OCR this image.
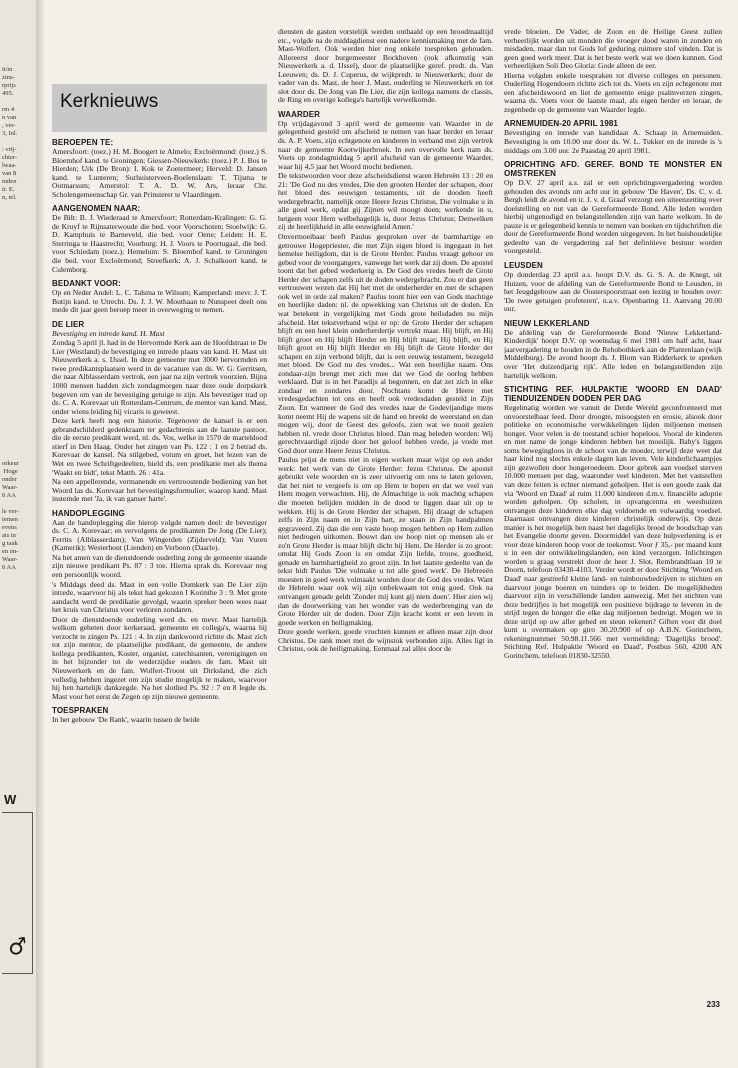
it/m
zins-
rprijs
495.
rm 4
n van
, ver-
3, Inl.
: vrij-
chter-
lwaa-
van 8
inden
ir. E.
n, tel.
orkeur
Hoge
onder
Waar-
0 AA
le ver-
iemen
evens
ats in
g taak
en on-
Waar-
0 AA
W
♂
Kerknieuws
BEROEPEN TE:

Amersfoort: (toez.) H. M. Boogert te Almelo; Excloërmond: (toez.) S. Bloemhof kand. te Groningen; Giessen-Nieuwkerk: (toez.) P. J. Bos te Hierden; Urk (De Bron): I. Kok te Zoetermeer; Herveld: D. Jansen kand. te Lunteren; Surhuisterveen-Boelenslaan: T. Tijsma te Ootmarsum; Amerstol: T. A. D. W. Ars, leraar Chr. Scholengemeenschap Gr. van Prinsterer te Vlaardingen.

AANGENOMEN NAAR:

De Bilt: B. J. Wiederaad te Amersfoort; Rotterdam-Kralingen: G. G. de Kruyf te Rijnsaterwoude die bed. voor Voorschoten; Stoelwijk: G. D. Kamphuis te Barneveld, die bed. voor Oene; Leiden: H. E. Sterringa te Haastrecht; Voorburg: H. J. Voors te Poortugaal, die bed. voor Schiedam (toez.); Hemelum: S. Bloemhof kand. te Groningen die bed. voor Excloërmond; Streefkerk: A. J. Schalkoort kand. te Culemborg.

BEDANKT VOOR:

Op en Neder Andel: L. C. Talsma te Wilsum; Kamperland: mevr. J. T. Butijn kand. te Utrecht. Ds. J. J. W. Mouthaan te Nunspeet deelt ons mede dit jaar geen beroep meer in overweging te nemen.

DE LIER

Bevestiging en intrede kand. H. Mast

Zondag 5 april jl. had in de Hervormde Kerk aan de Hoofdstraat te De Lier (Westland) de bevestiging en intrede plaats van kand. H. Mast uit Nieuwerkerk a. s. IJssel. In deze gemeente met 3000 hervormden en twee predikantsplaatsen werd in de vacature van ds. W. G. Gerritsen, die naar Alblasserdam vertrok, een jaar na zijn vertrek voorzien. Bijna 1000 mensen hadden zich zondagmorgen naar deze oude dorpskerk begeven om van de bevestiging getuige te zijn. Als bevestiger trad op ds. C. A. Korevaar uit Rotterdam-Centrum, de mentor van kand. Mast, onder wiens leiding hij vicaris is geweest.

Deze kerk heeft nog een historie. Tegenover de kansel is er een gebrandschilderd gedenkraam ter gedachtenis aan de laatste pastoor, die de eerste predikant werd, nl. ds. Vos, welke in 1570 de marteldood stierf in Den Haag. Onder het zingen van Ps. 122 : 1 en 2 betrad ds. Korevaar de kansel. Na stilgebed, votum en groet, het lezen van de Wet en twee Schriftgedeelten, hield ds. een predikatie met als thema 'Waakt en bidt', tekst Matth. 26 : 41a.

Na een appellerende, vermanende en vertroostende bediening van het Woord las ds. Korevaar het bevestigingsformulier, waarop kand. Mast instemde met 'Ja, ik van ganser harte'.

HANDOPLEGGING

Aan de handoplegging die hierop volgde namen deel: de bevestiger ds. C. A. Korevaar; en vervolgens de predikanten De Jong (De Lier); Ferrits (Alblasserdam); Van Wingerden (Zijderveld); Van Vuren (Kamerik); Westerhout (Lienden) en Verboon (Daarle).

Na het amen van de dienstdoende ouderling zong de gemeente staande zijn nieuwe predikant Ps. 87 : 3 toe. Hierna sprak ds. Korevaar nog een persoonlijk woord.

's Middags deed ds. Mast in een volle Domkerk van De Lier zijn intrede, waarvoor hij als tekst had gekozen I Korinthe 3 : 9. Met grote aandacht werd de predikatie gevolgd, waarin spreker been wees naar het kruis van Christus voor verloren zondaren.

Door de dienstdoende ouderling werd ds. en mevr. Mast hartelijk welkom geheten door kerkeraad, gemeente en collega's, waarna hij verzocht te zingen Ps. 121 : 4. In zijn dankwoord richtte ds. Mast zich tot zijn mentor, de plaatselijke predikant, de gemeente, de andere kollega predikanten, Koster, organist, catechisanten, verenigingen en in het bijzonder tot de wederzijdse ouders de fam. Mast uit Nieuwerkerk en de fam. Wolfert-Troost uit Dirksland, die zich volledig hebben ingezet om zijn studie mogelijk te maken, waarvoor hij hen hartelijk dankzegde. Na het slotlied Ps. 92 : 7 en 8 legde ds. Mast voor het eerst de Zegen op zijn nieuwe gemeente.

TOESPRAKEN

In het gebouw 'De Rank', waarin tussen de beide

diensten de gasten vorstelijk werden onthaald op een broodmaaltijd etc., volgde na de middagdienst een nadere kennismaking met de fam. Mast-Wolfert. Ook werden hier nog enkele toespreken gehouden. Allereerst door burgemeester Bockhoven (ook afkomstig van Nieuwerkerk a. d. IJssel), door de plaatselijke geref. predt. ds. Van Leeuwen; ds. D. J. Cuperus, de wijkpredt. te Nieuwerkerk; door de vader van ds. Mast, de heer J. Mast, ouderling te Nieuwerkerk en tot slot door ds. De Jong van De Lier, die zijn kollega namens de classis, de Ring en overige kollega's hartelijk verwelkomde.

WAARDER

Op vrijdagavond 3 april werd de gemeente van Waarder in de gelegenheid gesteld om afscheid te nemen van haar herder en leraar ds. A. P. Voets, zijn echtgenote en kinderen in verband met zijn vertrek naar de gemeente Kootwijkerbroek. In een overvolle kerk nam ds. Voets op zondagmiddag 5 april afscheid van de gemeente Waarder, waar hij 4,5 jaar het Woord mocht bedienen.

De tekstwoorden voor deze afscheidsdienst waren Hebreën 13 : 20 en 21: 'De God nu des vredes, Die den grooten Herder der schapen, door het bloed des eeuwigen testaments, uit de dooden heeft wedergebracht, namelijk onze Heere Jezus Christus, Die volmake u in alle goed werk, opdat gij Zijnen wil moogt doen; werkende in u, hetgeen voor Hem welbehagelijk is, door Jezus Christus; Denwelken zij de heerlijkheid in alle eeuwigheid Amen.'

Onvermoeibaar heeft Paulus gesproken over de barmhartige en getrouwe Hogepriester, die met Zijn eigen bloed is ingegaan in het hemelse heiligdom, dat is de Grote Herder. Paulus vraagt gehoor en gebed voor de voorgangers, vanwege het werk dat zij doen. De apostel toont dat het gebed wederkerig is. De God des vredes heeft de Grote Herder der schapen zelfs uit de doden wedergebracht. Zou er dan geen vertrouwen wezen dat Hij het met de onderherder en met de schapen ook wel in orde zal maken? Paulus toont hier een van Gods machtige en heerlijke daden: nl. de opwekking van Christus uit de doden. En wat betekent in vergelijking met Gods grote heilsdaden nu mijn afscheid. Het tekstverband wijst er op: de Grote Herder der schapen blijft en een heel klein onderherdertje vertrekt maar. Hij blijft, en Hij blijft groot en Hij blijft Herder en Hij blijft maar; Hij blijft, en Hij blijft groot en Hij blijft Herder en Hij blijft de Grote Herder der schapen en zijn verbond blijft, dat is een eeuwig testament, bezegeld met bloed. De God nu des vredes... Wat een heerlijke naam. Ons zondaar-zijn brengt met zich mee dat we God de oorlog hebben verklaard. Dat is in het Paradijs al begonnen, en dat zet zich in elke zondaar en zondares door. Nochtans komt de Heere met vredesgedachten tot ons en heeft ook vredesdaden gesteld in Zijn Zoon. En wanneer de God des vredes naar de Godevijandige mens komt neemt Hij de wapens uit de hand en breekt de weerstand en dan mogen wij, door de Geest des geloofs, zien wat we nooit gezien hebben nl. vrede door Christus bloed. Dan mag beleden worden: Wij gerechtvaardigd zijnde door het geloof hebben vrede, ja vrede met God door onze Heere Jezus Christus.

Paulus prijst de mens niet in eigen werken maar wijst op een ander werk: het werk van de Grote Herder: Jezus Christus. De apostel gebruikt vele woorden en is zeer uitvoerig om ons te laten geloven, dat het niet te vergeefs is om op Hem te hopen en dat we veel van Hem mogen verwachten. Hij, de Almachtige is ook machtig schapen die moeten belijden midden in de dood te liggen daar uit op te wekken. Hij is de Grote Herder der schapen. Hij draagt de schapen zelfs in Zijn naam en in Zijn hart, ze staan in Zijn handpalmen gegraveerd. Zij dan die een vaste hoop mogen hebben op Hem zullen niet bedrogen uitkomen. Bouwt dan uw hoop niet op mensen als er zo'n Grote Herder is maar blijft dicht bij Hem. De Herder is zo groot: omdat Hij Gods Zoon is en omdat Zijn liefde, trouw, goedheid, genade en barmhartigheid zo groot zijn. In het laatste gedeelte van de tekst bidt Paulus 'Die volmake u tot alle goed werk'. De Hebreeën moesten in goed werk volmaakt worden door de God des vredes. Want de Hebreën waar ook wij zijn onbekwaam tot enig goed. Ook na ontvangen genade geldt 'Zonder mij kunt gij niets doen'. Hier zien wij dan de doorwerking van het wonder van de wederbrenging van de Grote Herder uit de doden. Door Zijn kracht komt er een leven in goede werken en heiligmaking.

Deze goede werken, goede vruchten kunnen er alleen maar zijn door Christus. De rank moet met de wijnstok verbonden zijn. Alles ligt in Christus, ook de heiligmaking. Eenmaal zal alles door de

vrede bloeien. De Vader, de Zoon en de Heilige Geest zullen verheerlijkt worden uit monden die vroeger dood waren in zonden en misdaden, maar dan tot Gods lof geduring ruimere stof vinden. Dat is geen goed werk meer. Dat is het beste werk wat we doen kunnen. God verheerlijken Soli Deo Gloria: Gode alleen de eer.

Hierna volgden enkele toespraken tot diverse colleges en personen. Ouderling Hogendoorn richtte zich tot ds. Voets en zijn echtgenote met een afscheidswoord en liet de gemeente enige psalmverzen zingen, waarna ds. Voets voor de laatste maal, als eigen herder en leraar, de zegenbede op de gemeente van Waarder legde.

ARNEMUIDEN-20 APRIL 1981

Bevestiging en intrede van kandidaat A. Schaap in Arnemuiden. Bevestiging is om 10.00 uur door ds. W. L. Tukker en de intrede is 's middags om 3.00 uur. 2e Paasdag 20 april 1981.

OPRICHTING AFD. GEREF. BOND TE MONSTER EN OMSTREKEN

Op D.V. 27 april a.s. zal er een oprichtingsvergadering worden gehouden des avonds om acht uur in gebouw 'De Haven', Ds. C. v. d. Bergh leidt de avond en ir. J. v. d. Graaf verzorgt een uiteenzetting over doelstelling en nut van de Gereformeerde Bond. Alle leden worden hierbij uitgenodigd en belangstellenden zijn van harte welkom. In de pauze is er gelegenheid kennis te nemen van boeken en tijdschriften die door de Gereformeerde Bond worden uitgegeven. In het huishoudelijke gedeelte van de vergadering zal het definitieve bestuur worden voorgesteld.

LEUSDEN

Op donderdag 23 april a.s. hoopt D.V. ds. G. S. A. de Knegt, uit Huizen, voor de afdeling van de Gereformeerde Bond te Leusden, in het Jeugdgebouw aan de Oosterspoorstraat een lezing te houden over: 'De twee getuigen profeteren', n.a.v. Openbaring 11. Aanvang 20.00 uur.

NIEUW LEKKERLAND

De afdeling van de Gereformeerde Bond 'Nieuw Lekkerland-Kinderdijk' hoopt D.V. op woensdag 6 mei 1981 om half acht, haar jaarvergadering te houden in de Rehobothkerk aan de Plantenlaan (wijk Middelburg). De avond hoopt ds. J. Blom van Ridderkerk te spreken over 'Het duizendjarig rijk'. Alle leden en belangstellenden zijn hartelijk welkom.

STICHTING REF. HULPAKTIE 'WOORD EN DAAD' TIENDUIZENDEN DODEN PER DAG

Regelmatig worden we vanuit de Derde Wereld geconfronteerd met onvoorstelbaar leed. Door droogte, misoogsten en erosie, alsook door politieke en economische verwikkelingen lijden miljoenen mensen honger. Voor velen is de toestand schier hopeloos. Vooral de kinderen en met name de jonge kinderen hebben het moeilijk. Baby's liggen soms bewegingloos in de schoot van de moeder, terwijl deze weet dat haar kind nog slechts enkele dagen kan leven. Vele kinderlichaampjes zijn gezwollen door hongeroedeem. Door gebrek aan voedsel sterven 10.000 mensen per dag, waaronder veel kinderen. Met het vaststellen van deze feiten is echter niemand geholpen. Het is een goede zaak dat via 'Woord en Daad' al ruim 11.000 kinderen d.m.v. financiële adoptie worden geholpen. Op scholen, in opvangcentra en weeshuizen ontvangen deze kinderen elke dag voldoende en volwaardig voedsel. Daarnaast ontvangen deze kinderen christelijk onderwijs. Op deze manier is het mogelijk hen naast het dagelijks brood de boodschap van het Evangelie doorte geven. Doormiddel van deze hulpverlening is er voor deze kinderen hoop voor de toekomst. Voor ƒ 35,- per maand kunt u in een der ontwikkelingslanden, een kind verzorgen. Inlichtingen worden u graag verstrekt door de heer J. Slot, Rembrandtlaan 10 te Doorn, telefoon 03430-4103. Verder wordt er door Stichting 'Woord en Daad' naar gestreefd kleine land- en tuinbouwbedrijven te stichten en daarvoor jonge boeren en tuinders op te leiden. De mogelijkheden daarvoor zijn in verschillende landen aanwezig. Met het stichten van deze bedrijfjes is het mogelijk een positieve bijdrage te leveren in de strijd tegen de honger die elke dag miljoenen bedreigt. Mogen we in deze strijd op uw aller gebed en steun rekenen? Giften voor dit doel kunt u overmaken op giro 30.20.900 of op A.B.N. Gorinchem, rekeningnummer 50.98.11.566 met vermelding: 'Dagelijks brood'. Stichting Ref. Hulpaktie 'Woord en Daad', Postbus 560, 4200 AN Gorinchem, telefoon 01830-32550.

233
